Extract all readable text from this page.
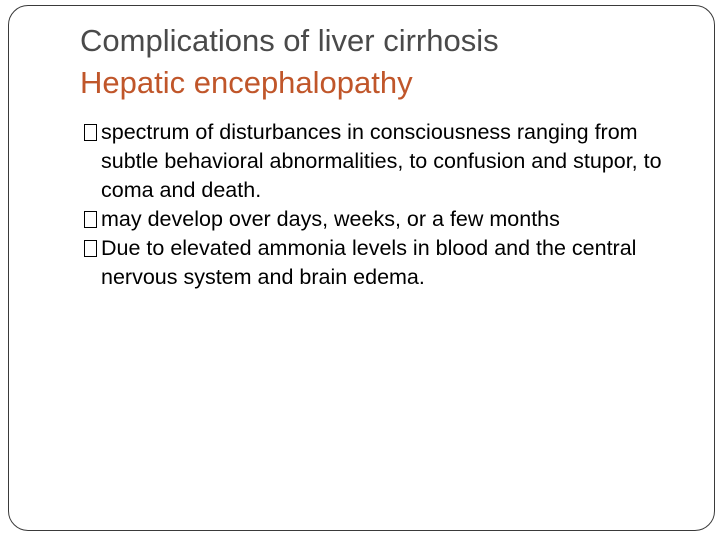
Complications of liver cirrhosis
Hepatic encephalopathy
spectrum of disturbances in consciousness ranging from subtle behavioral abnormalities, to confusion and stupor, to coma and death.
may develop over days, weeks, or a few months
Due to elevated ammonia levels in blood and the central nervous system and brain edema.
